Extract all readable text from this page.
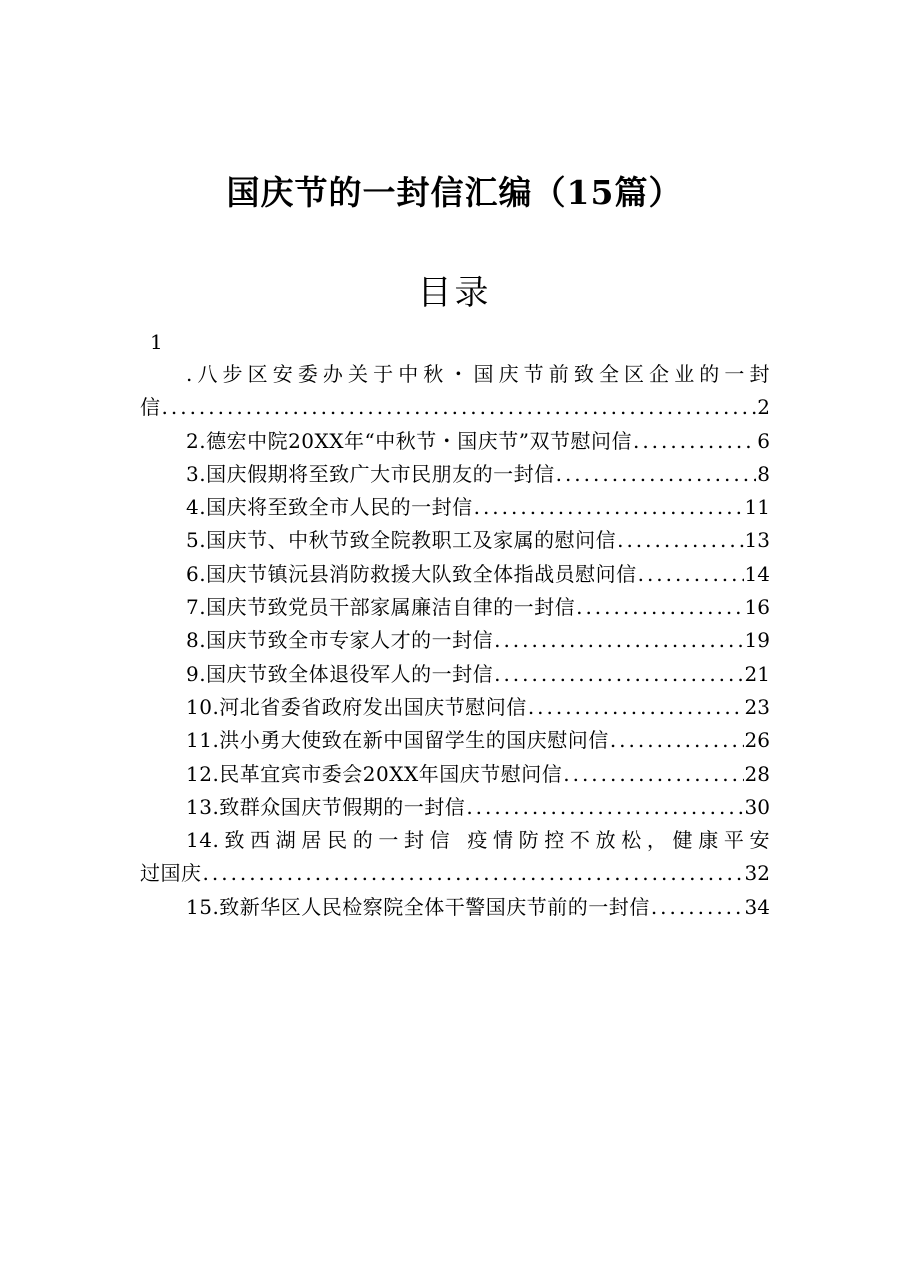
国庆节的一封信汇编（15篇）
目录
1
.八步区安委办关于中秋・国庆节前致全区企业的一封
信 .....	2
2.德宏中院20XX年“中秋节・国庆节”双节慰问信 .....	6
3.国庆假期将至致广大市民朋友的一封信 .....	8
4.国庆将至致全市人民的一封信 .....	11
5.国庆节、中秋节致全院教职工及家属的慰问信 .....	13
6.国庆节镇沅县消防救援大队致全体指战员慰问信 .....	14
7.国庆节致党员干部家属廉洁自律的一封信 .....	16
8.国庆节致全市专家人才的一封信 .....	19
9.国庆节致全体退役军人的一封信 .....	21
10.河北省委省政府发出国庆节慰问信 .....	23
11.洪小勇大使致在新中国留学生的国庆慰问信 .....	26
12.民革宜宾市委会20XX年国庆节慰问信 .....	28
13.致群众国庆节假期的一封信 .....	30
14.致西湖居民的一封信 疫情防控不放松，健康平安
过国庆 .....	32
15.致新华区人民检察院全体干警国庆节前的一封信 .....	34
